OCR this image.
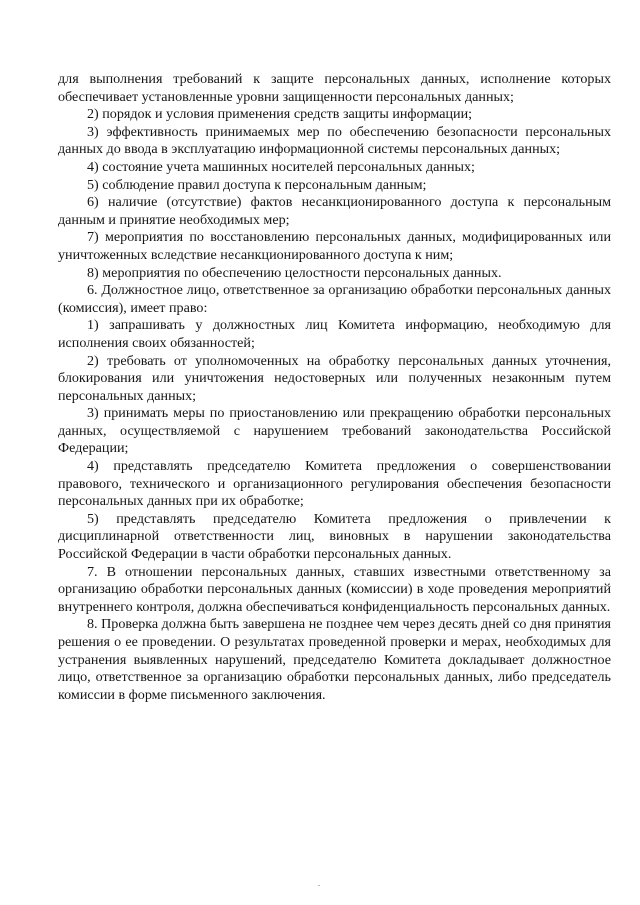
для выполнения требований к защите персональных данных, исполнение которых обеспечивает установленные уровни защищенности персональных данных;

2) порядок и условия применения средств защиты информации;

3) эффективность принимаемых мер по обеспечению безопасности персональных данных до ввода в эксплуатацию информационной системы персональных данных;

4) состояние учета машинных носителей персональных данных;

5) соблюдение правил доступа к персональным данным;

6) наличие (отсутствие) фактов несанкционированного доступа к персональным данным и принятие необходимых мер;

7) мероприятия по восстановлению персональных данных, модифицированных или уничтоженных вследствие несанкционированного доступа к ним;

8) мероприятия по обеспечению целостности персональных данных.

6. Должностное лицо, ответственное за организацию обработки персональных данных (комиссия), имеет право:

1) запрашивать у должностных лиц Комитета информацию, необходимую для исполнения своих обязанностей;

2) требовать от уполномоченных на обработку персональных данных уточнения, блокирования или уничтожения недостоверных или полученных незаконным путем персональных данных;

3) принимать меры по приостановлению или прекращению обработки персональных данных, осуществляемой с нарушением требований законодательства Российской Федерации;

4) представлять председателю Комитета предложения о совершенствовании правового, технического и организационного регулирования обеспечения безопасности персональных данных при их обработке;

5) представлять председателю Комитета предложения о привлечении к дисциплинарной ответственности лиц, виновных в нарушении законодательства Российской Федерации в части обработки персональных данных.

7. В отношении персональных данных, ставших известными ответственному за организацию обработки персональных данных (комиссии) в ходе проведения мероприятий внутреннего контроля, должна обеспечиваться конфиденциальность персональных данных.

8. Проверка должна быть завершена не позднее чем через десять дней со дня принятия решения о ее проведении. О результатах проведенной проверки и мерах, необходимых для устранения выявленных нарушений, председателю Комитета докладывает должностное лицо, ответственное за организацию обработки персональных данных, либо председатель комиссии в форме письменного заключения.
